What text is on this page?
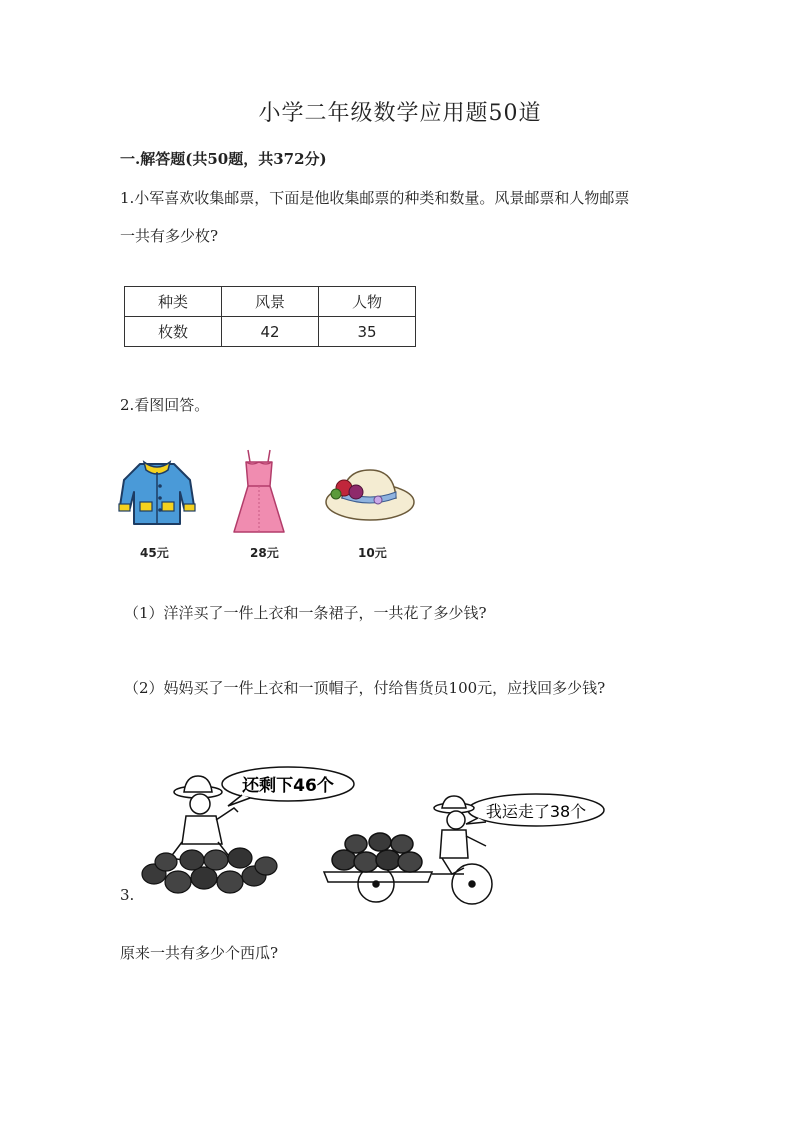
小学二年级数学应用题50道
一.解答题(共50题，共372分)
1.小军喜欢收集邮票，下面是他收集邮票的种类和数量。风景邮票和人物邮票
一共有多少枚?
种类	风景	人物
枚数	42	35
2.看图回答。
45元	28元	10元
（1）洋洋买了一件上衣和一条裙子，一共花了多少钱?
（2）妈妈买了一件上衣和一顶帽子，付给售货员100元，应找回多少钱?
3.
还剩下46个
我运走了38个
原来一共有多少个西瓜?
